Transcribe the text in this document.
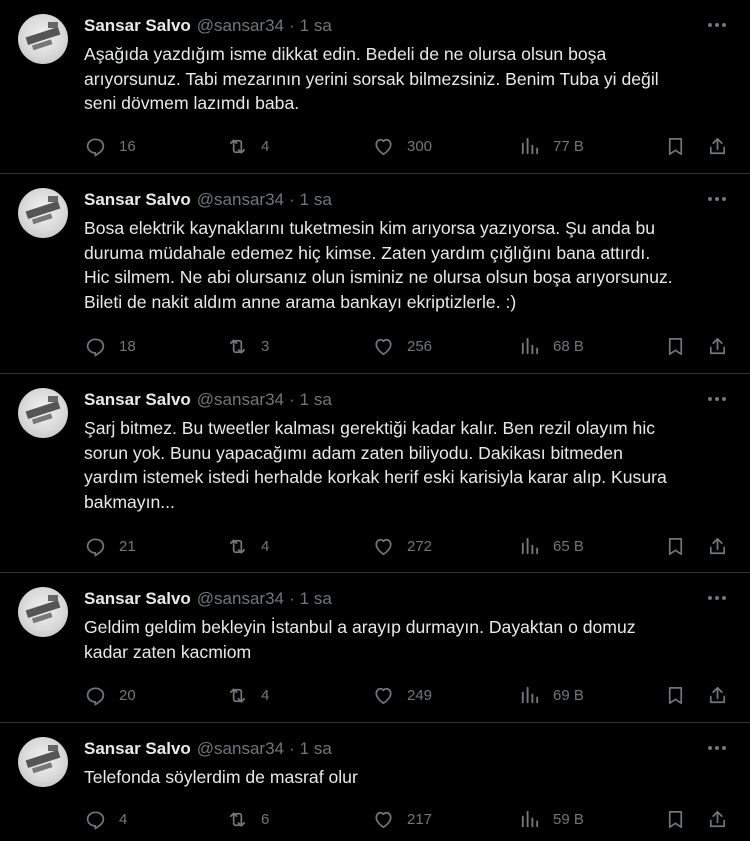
Sansar Salvo @sansar34 · 1 sa
Aşağıda yazdığım isme dikkat edin. Bedeli de ne olursa olsun boşa
arıyorsunuz. Tabi mezarının yerini sorsak bilmezsiniz. Benim Tuba yi değil
seni dövmem lazımdı baba.
16	4	300	77 B
Sansar Salvo @sansar34 · 1 sa
Bosa elektrik kaynaklarını tuketmesin kim arıyorsa yazıyorsa. Şu anda bu
duruma müdahale edemez hiç kimse. Zaten yardım çığlığını bana attırdı.
Hic silmem. Ne abi olursanız olun isminiz ne olursa olsun boşa arıyorsunuz.
Bileti de nakit aldım anne arama bankayı ekriptizlerle. :)
18	3	256	68 B
Sansar Salvo @sansar34 · 1 sa
Şarj bitmez. Bu tweetler kalması gerektiği kadar kalır. Ben rezil olayım hic
sorun yok. Bunu yapacağımı adam zaten biliyodu. Dakikası bitmeden
yardım istemek istedi herhalde korkak herif eski karisiyla karar alıp. Kusura
bakmayın...
21	4	272	65 B
Sansar Salvo @sansar34 · 1 sa
Geldim geldim bekleyin İstanbul a arayıp durmayın. Dayaktan o domuz
kadar zaten kacmiom
20	4	249	69 B
Sansar Salvo @sansar34 · 1 sa
Telefonda söylerdim de masraf olur
4	6	217	59 B
